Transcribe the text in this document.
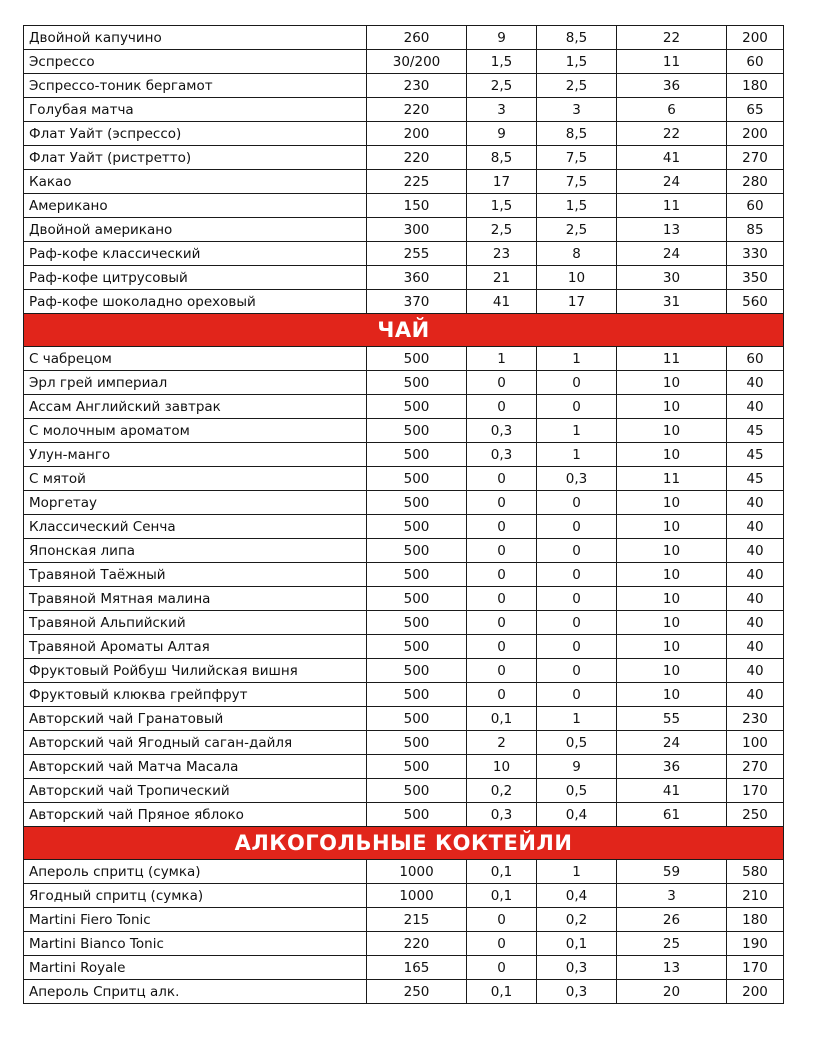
Двойной капучино	260	9	8,5	22	200
Эспрессо	30/200	1,5	1,5	11	60
Эспрессо-тоник бергамот	230	2,5	2,5	36	180
Голубая матча	220	3	3	6	65
Флат Уайт (эспрессо)	200	9	8,5	22	200
Флат Уайт (ристретто)	220	8,5	7,5	41	270
Какао	225	17	7,5	24	280
Американо	150	1,5	1,5	11	60
Двойной американо	300	2,5	2,5	13	85
Раф-кофе классический	255	23	8	24	330
Раф-кофе цитрусовый	360	21	10	30	350
Раф-кофе шоколадно ореховый	370	41	17	31	560
ЧАЙ					
С чабрецом	500	1	1	11	60
Эрл грей империал	500	0	0	10	40
Ассам Английский завтрак	500	0	0	10	40
С молочным ароматом	500	0,3	1	10	45
Улун-манго	500	0,3	1	10	45
С мятой	500	0	0,3	11	45
Моргетау	500	0	0	10	40
Классический Сенча	500	0	0	10	40
Японская липа	500	0	0	10	40
Травяной Таёжный	500	0	0	10	40
Травяной Мятная малина	500	0	0	10	40
Травяной Альпийский	500	0	0	10	40
Травяной Ароматы Алтая	500	0	0	10	40
Фруктовый Ройбуш Чилийская вишня	500	0	0	10	40
Фруктовый клюква грейпфрут	500	0	0	10	40
Авторский чай Гранатовый	500	0,1	1	55	230
Авторский чай Ягодный саган-дайля	500	2	0,5	24	100
Авторский чай Матча Масала	500	10	9	36	270
Авторский чай Тропический	500	0,2	0,5	41	170
Авторский чай Пряное яблоко	500	0,3	0,4	61	250
АЛКОГОЛЬНЫЕ КОКТЕЙЛИ					
Апероль спритц (сумка)	1000	0,1	1	59	580
Ягодный спритц (сумка)	1000	0,1	0,4	3	210
Martini Fiero Tonic	215	0	0,2	26	180
Martini Bianco Tonic	220	0	0,1	25	190
Martini Royale	165	0	0,3	13	170
Апероль Спритц алк.	250	0,1	0,3	20	200
